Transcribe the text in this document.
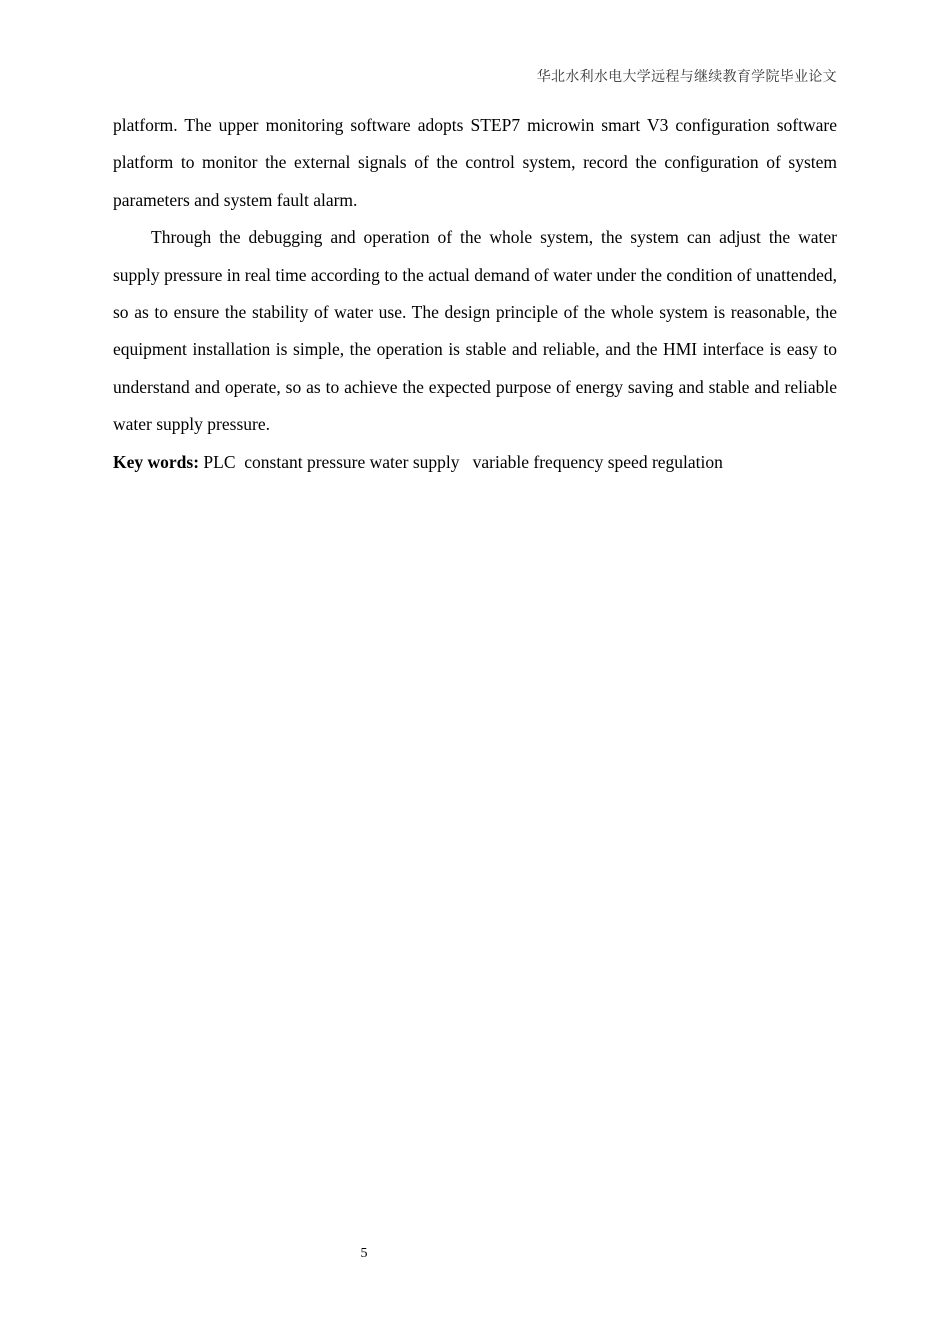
华北水利水电大学远程与继续教育学院毕业论文

platform. The upper monitoring software adopts STEP7 microwin smart V3 configuration software platform to monitor the external signals of the control system, record the configuration of system parameters and system fault alarm.

Through the debugging and operation of the whole system, the system can adjust the water supply pressure in real time according to the actual demand of water under the condition of unattended, so as to ensure the stability of water use. The design principle of the whole system is reasonable, the equipment installation is simple, the operation is stable and reliable, and the HMI interface is easy to understand and operate, so as to achieve the expected purpose of energy saving and stable and reliable water supply pressure.

Key words: PLC  constant pressure water supply   variable frequency speed regulation

5
